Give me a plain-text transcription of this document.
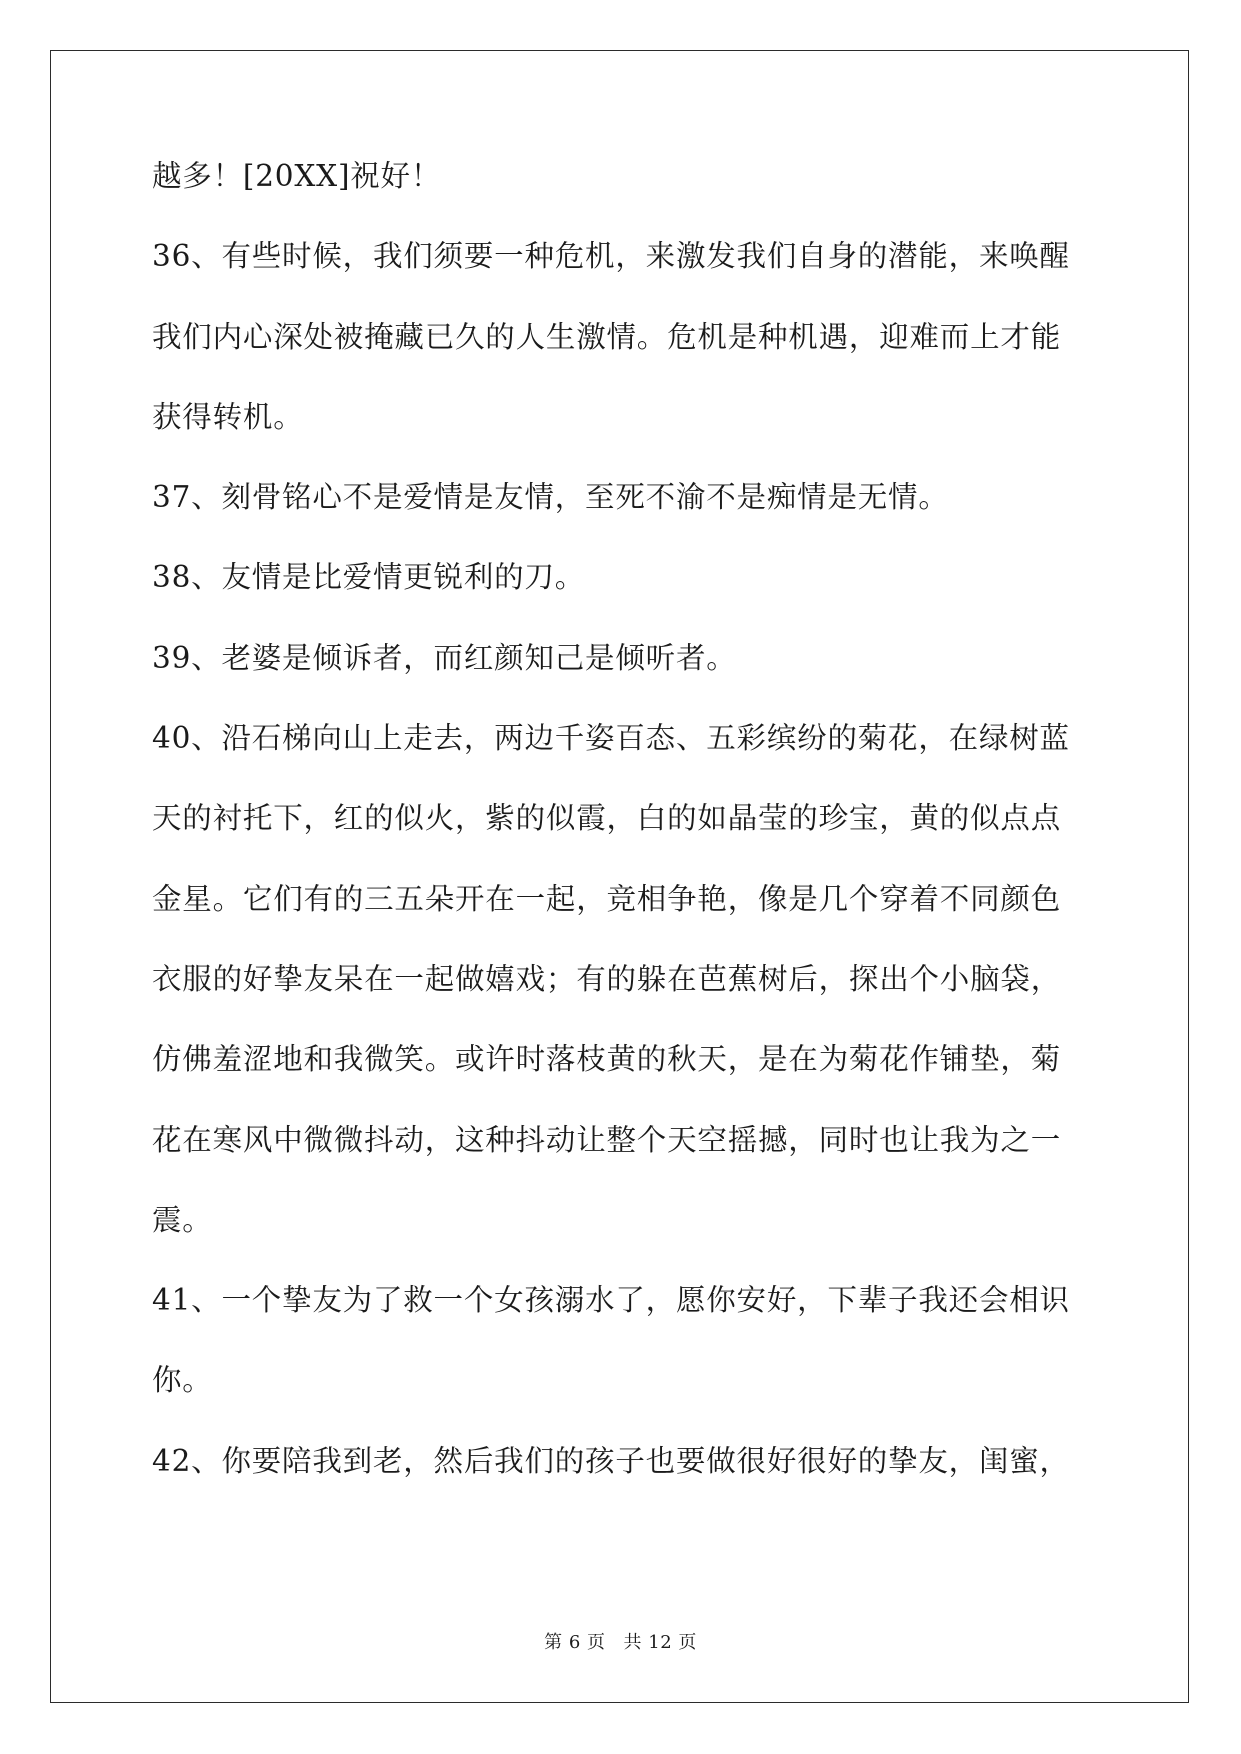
越多！[20XX]祝好！
36、有些时候，我们须要一种危机，来激发我们自身的潜能，来唤醒
我们内心深处被掩藏已久的人生激情。危机是种机遇，迎难而上才能
获得转机。
37、刻骨铭心不是爱情是友情，至死不渝不是痴情是无情。
38、友情是比爱情更锐利的刀。
39、老婆是倾诉者，而红颜知己是倾听者。
40、沿石梯向山上走去，两边千姿百态、五彩缤纷的菊花，在绿树蓝
天的衬托下，红的似火，紫的似霞，白的如晶莹的珍宝，黄的似点点
金星。它们有的三五朵开在一起，竞相争艳，像是几个穿着不同颜色
衣服的好挚友呆在一起做嬉戏；有的躲在芭蕉树后，探出个小脑袋，
仿佛羞涩地和我微笑。或许时落枝黄的秋天，是在为菊花作铺垫，菊
花在寒风中微微抖动，这种抖动让整个天空摇撼，同时也让我为之一
震。
41、一个挚友为了救一个女孩溺水了，愿你安好，下辈子我还会相识
你。
42、你要陪我到老，然后我们的孩子也要做很好很好的挚友，闺蜜，
第 6 页 共 12 页
